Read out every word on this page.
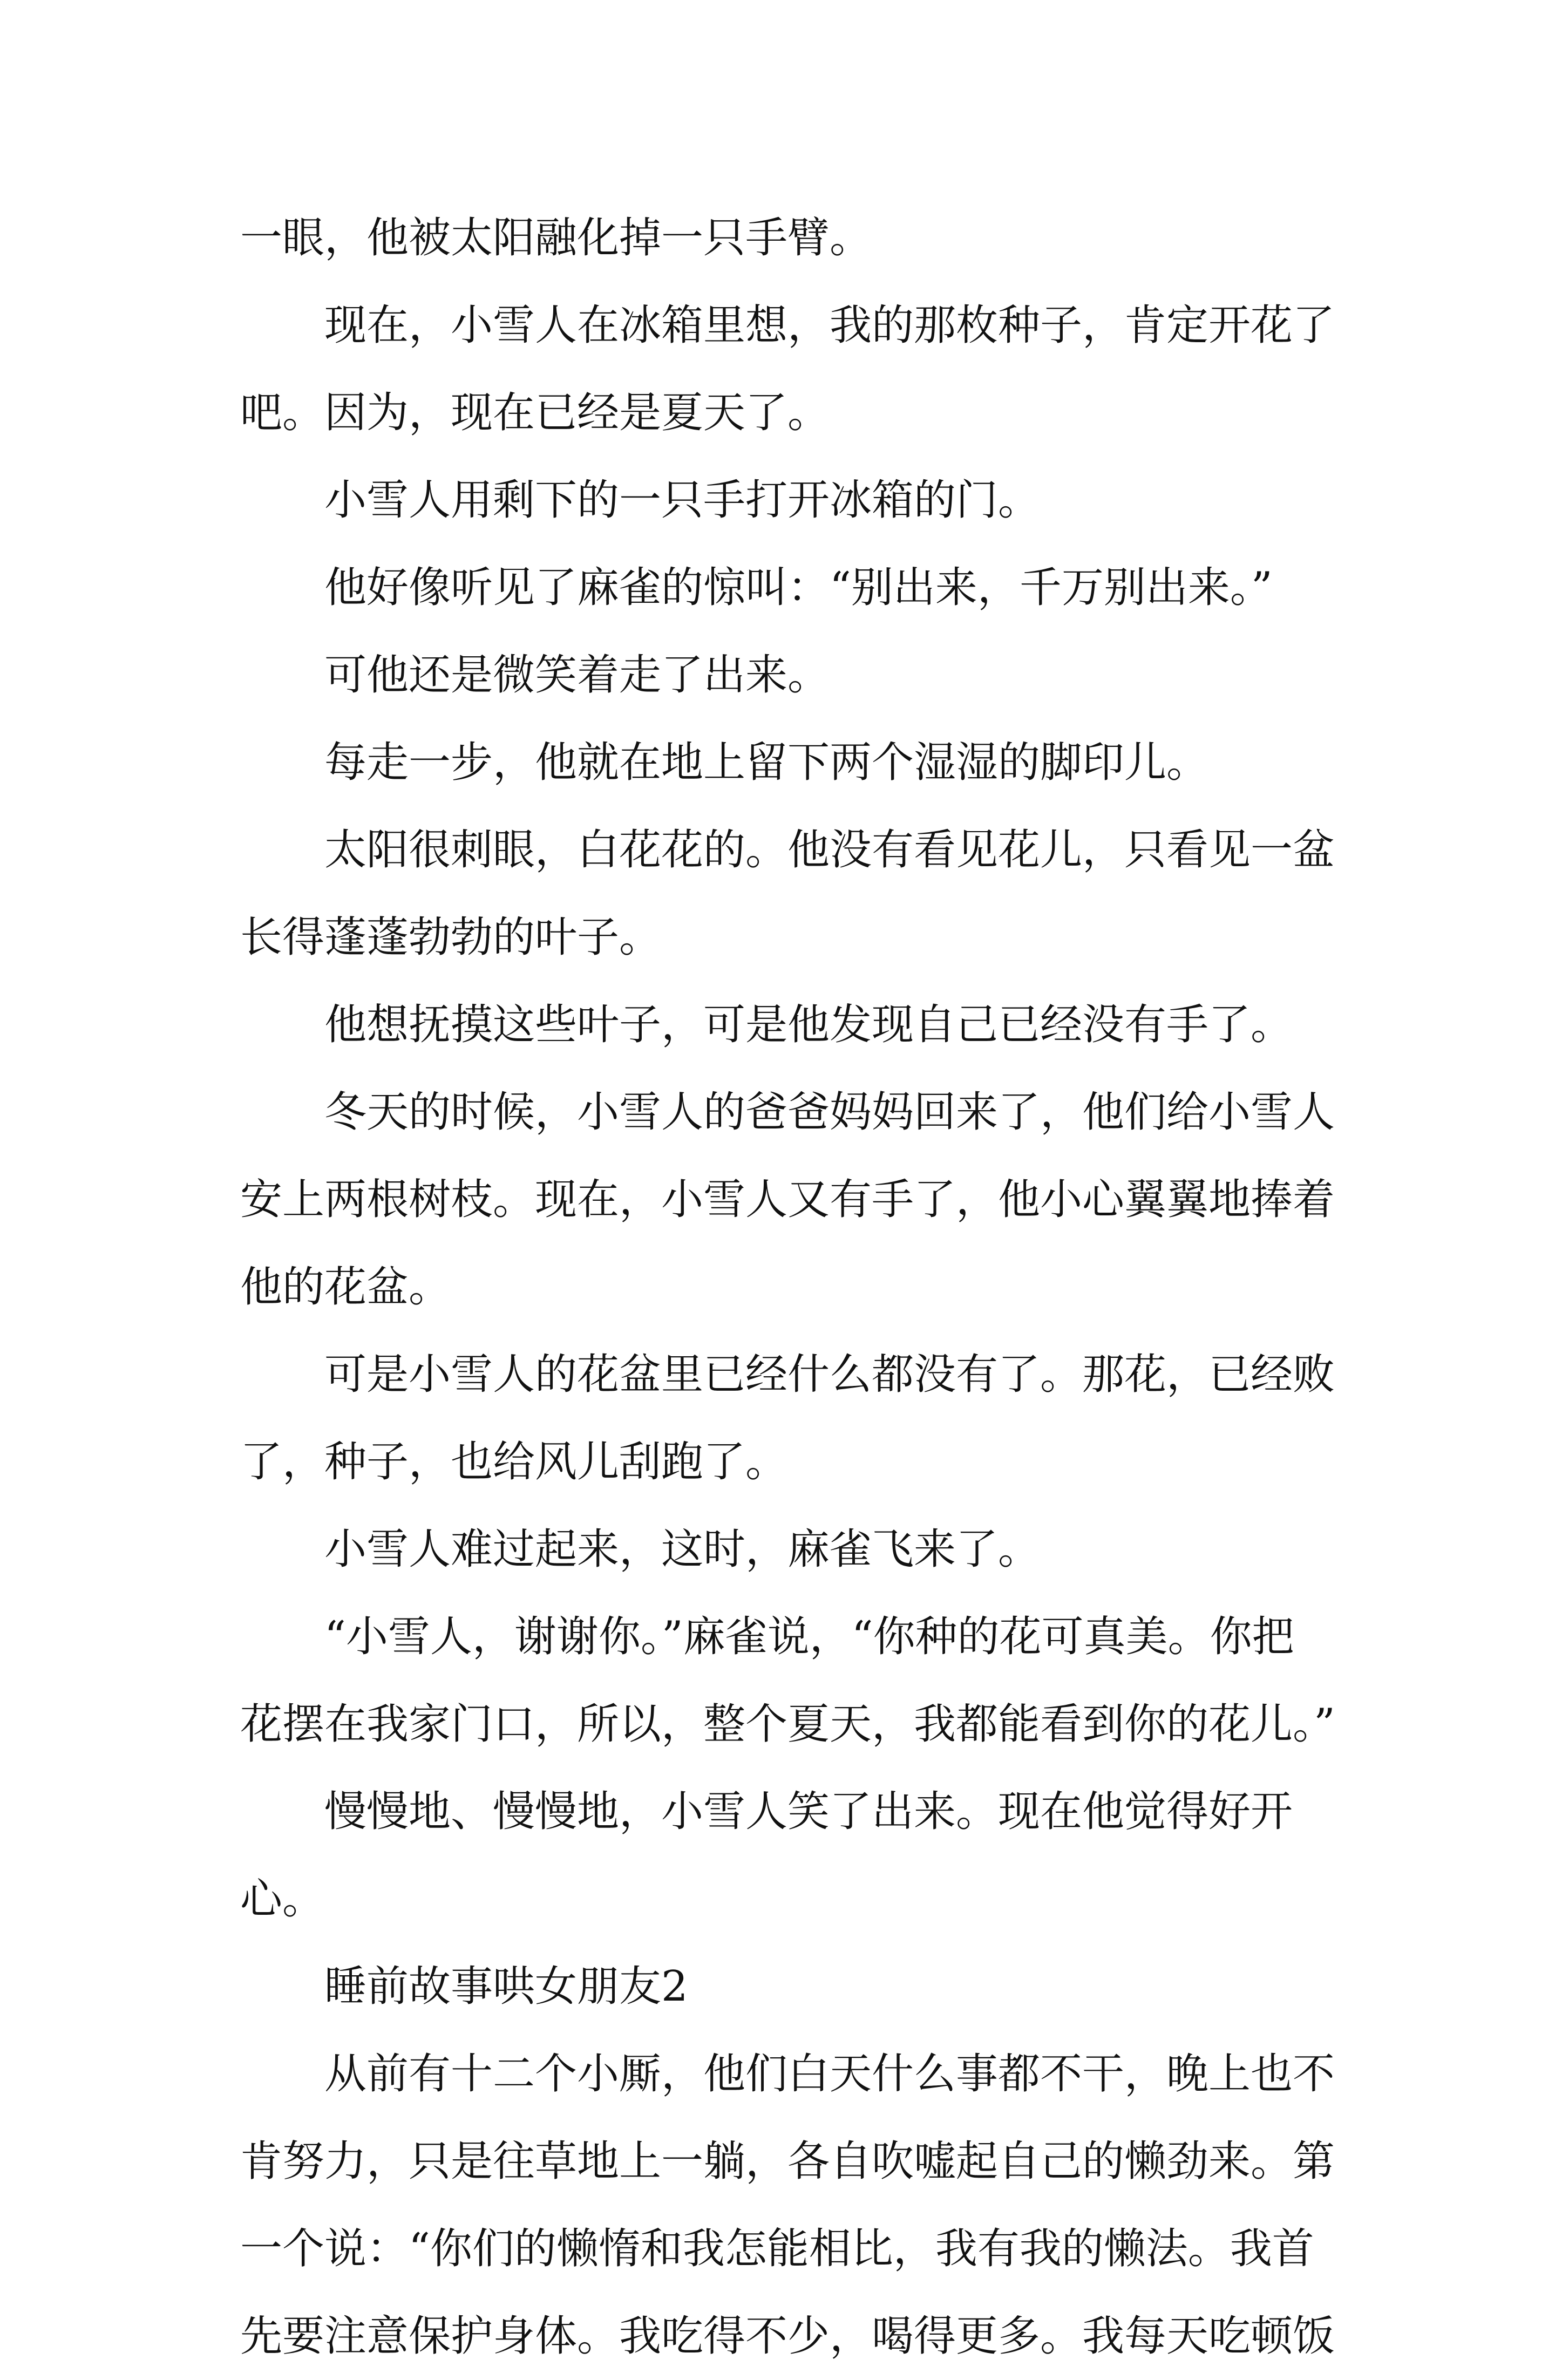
一眼，他被太阳融化掉一只手臂。

现在，小雪人在冰箱里想，我的那枚种子，肯定开花了吧。因为，现在已经是夏天了。

小雪人用剩下的一只手打开冰箱的门。

他好像听见了麻雀的惊叫：“别出来，千万别出来。”

可他还是微笑着走了出来。

每走一步，他就在地上留下两个湿湿的脚印儿。

太阳很刺眼，白花花的。他没有看见花儿，只看见一盆长得蓬蓬勃勃的叶子。

他想抚摸这些叶子，可是他发现自己已经没有手了。

冬天的时候，小雪人的爸爸妈妈回来了，他们给小雪人安上两根树枝。现在，小雪人又有手了，他小心翼翼地捧着他的花盆。

可是小雪人的花盆里已经什么都没有了。那花，已经败了，种子，也给风儿刮跑了。

小雪人难过起来，这时，麻雀飞来了。

“小雪人，谢谢你。”麻雀说，“你种的花可真美。你把花摆在我家门口，所以，整个夏天，我都能看到你的花儿。”

慢慢地、慢慢地，小雪人笑了出来。现在他觉得好开心。

睡前故事哄女朋友2

从前有十二个小厮，他们白天什么事都不干，晚上也不肯努力，只是往草地上一躺，各自吹嘘起自己的懒劲来。第一个说：“你们的懒惰和我怎能相比，我有我的懒法。我首先要注意保护身体。我吃得不少，喝得更多。我每天吃顿饭
